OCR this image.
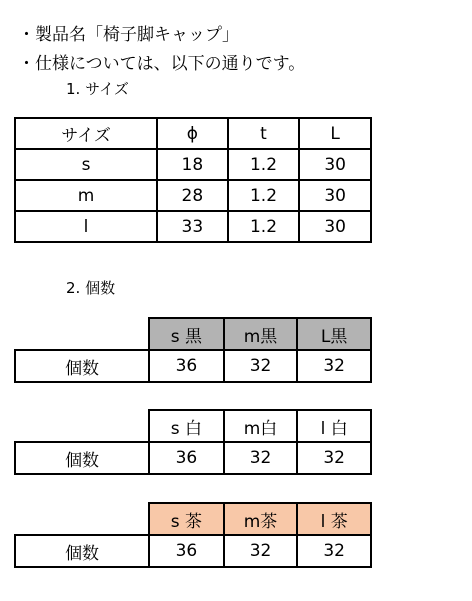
・製品名「椅子脚キャップ」
・仕様については、以下の通りです。
1. サイズ
サイズ	ϕ	t	L
s	18	1.2	30
m	28	1.2	30
l	33	1.2	30
2. 個数
	s 黒	m黒	L黒
個数	36	32	32
	s 白	m白	l 白
個数	36	32	32
	s 茶	m茶	l 茶
個数	36	32	32
